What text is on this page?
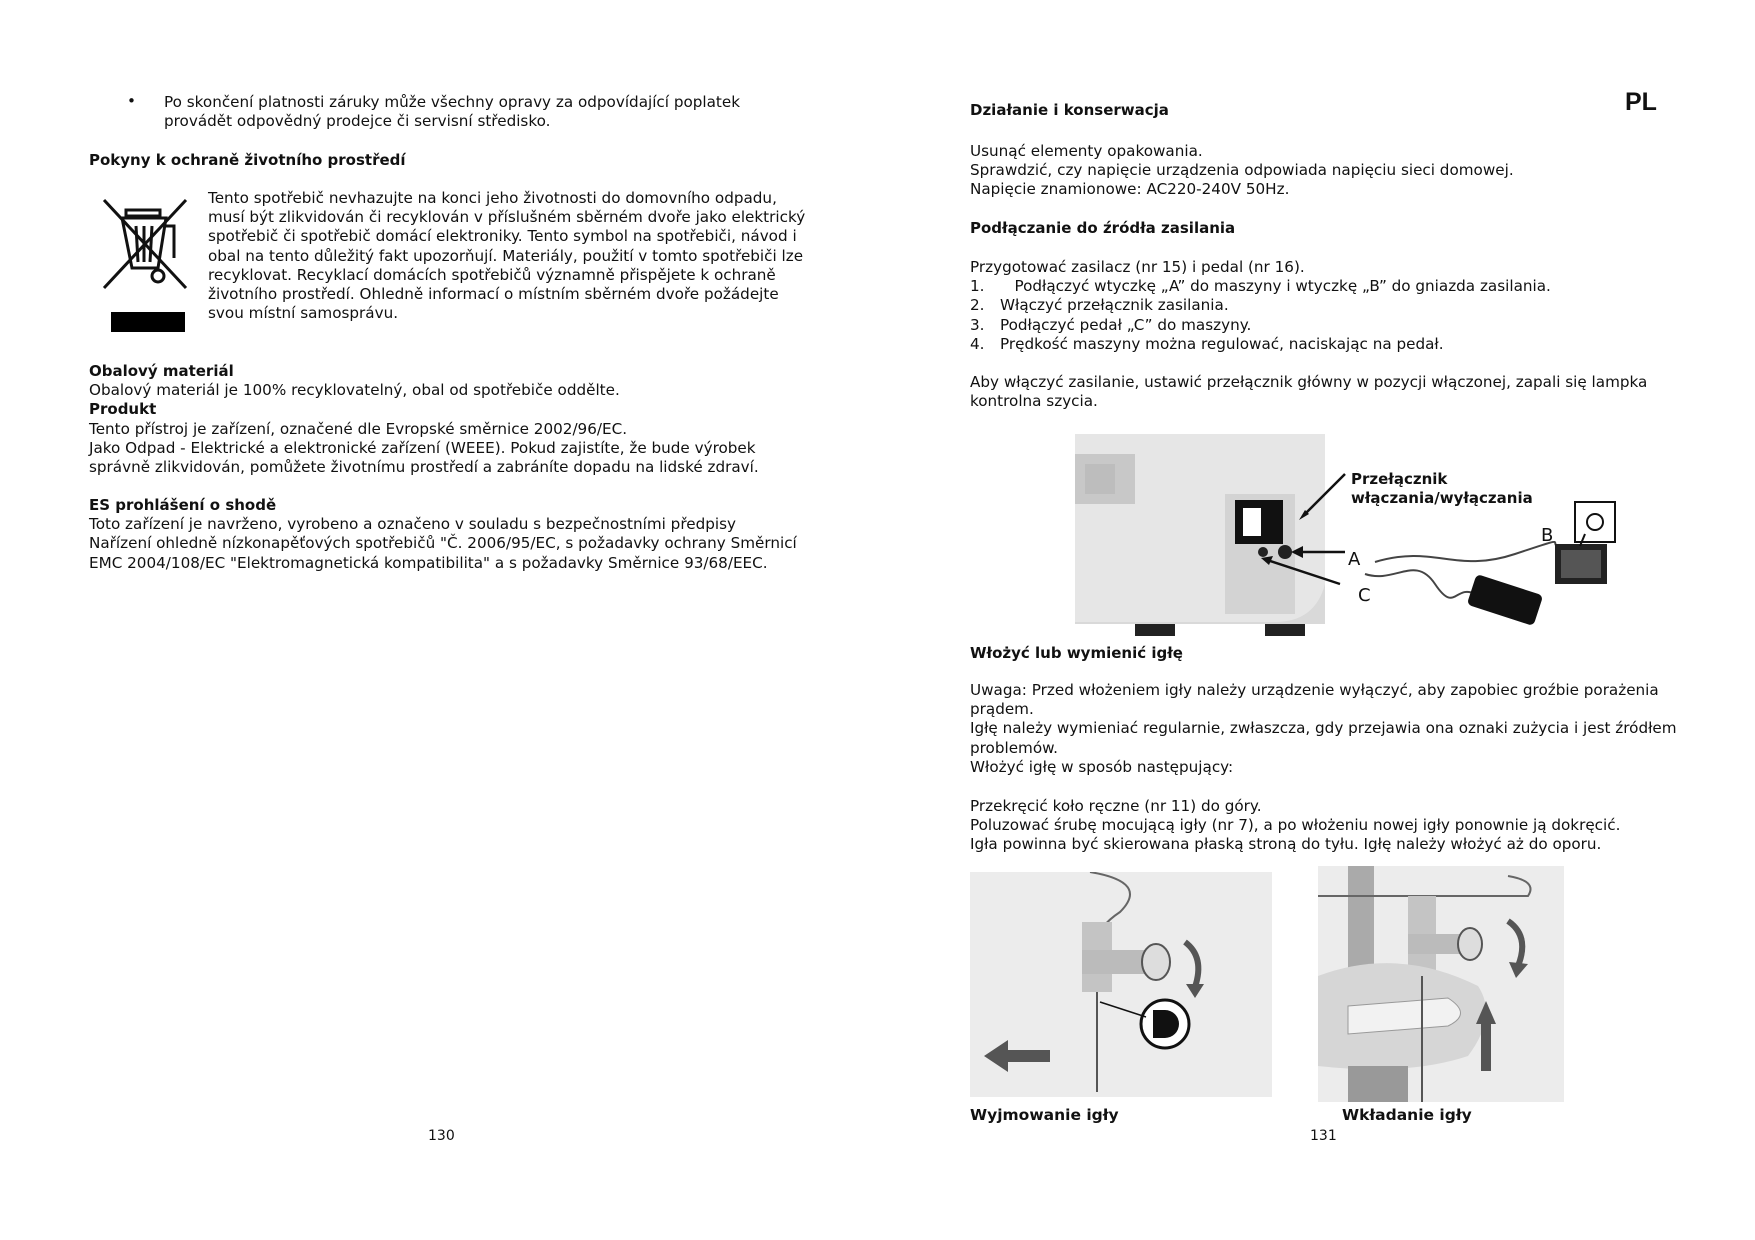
• Po skončení platnosti záruky může všechny opravy za odpovídající poplatek

provádět odpovědný prodejce či servisní středisko.

Pokyny k ochraně životního prostředí

Tento spotřebič nevhazujte na konci jeho životnosti do domovního odpadu,

musí být zlikvidován či recyklován v příslušném sběrném dvoře jako elektrický

spotřebič či spotřebič domácí elektroniky. Tento symbol na spotřebiči, návod i

obal na tento důležitý fakt upozorňují. Materiály, použití v tomto spotřebiči lze

recyklovat. Recyklací domácích spotřebičů významně přispějete k ochraně

životního prostředí. Ohledně informací o místním sběrném dvoře požádejte

svou místní samosprávu.

Obalový materiál

Obalový materiál je 100% recyklovatelný, obal od spotřebiče oddělte.

Produkt

Tento přístroj je zařízení, označené dle Evropské směrnice 2002/96/EC.

Jako Odpad - Elektrické a elektronické zařízení (WEEE). Pokud zajistíte, že bude výrobek

správně zlikvidován, pomůžete životnímu prostředí a zabráníte dopadu na lidské zdraví.

ES prohlášení o shodě

Toto zařízení je navrženo, vyrobeno a označeno v souladu s bezpečnostními předpisy

Nařízení ohledně nízkonapěťových spotřebičů "Č. 2006/95/EC, s požadavky ochrany Směrnicí

EMC 2004/108/EC "Elektromagnetická kompatibilita" a s požadavky Směrnice 93/68/EEC.

130

PL

Działanie i konserwacja

Usunąć elementy opakowania.

Sprawdzić, czy napięcie urządzenia odpowiada napięciu sieci domowej.

Napięcie znamionowe: AC220-240V 50Hz.

Podłączanie do źródła zasilania

Przygotować zasilacz (nr 15) i pedal (nr 16).

1.   Podłączyć wtyczkę „A” do maszyny i wtyczkę „B” do gniazda zasilania.

2. Włączyć przełącznik zasilania.

3. Podłączyć pedał „C” do maszyny.

4. Prędkość maszyny można regulować, naciskając na pedał.

Aby włączyć zasilanie, ustawić przełącznik główny w pozycji włączonej, zapali się lampka

kontrolna szycia.

Przełącznik włączania/wyłączania
B
A
C

Włożyć lub wymienić igłę

Uwaga: Przed włożeniem igły należy urządzenie wyłączyć, aby zapobiec groźbie porażenia

prądem.

Igłę należy wymieniać regularnie, zwłaszcza, gdy przejawia ona oznaki zużycia i jest źródłem

problemów.

Włożyć igłę w sposób następujący:

Przekręcić koło ręczne (nr 11) do góry.

Poluzować śrubę mocującą igły (nr 7), a po włożeniu nowej igły ponownie ją dokręcić.

Igła powinna być skierowana płaską stroną do tyłu. Igłę należy włożyć aż do oporu.

Wyjmowanie igły	Wkładanie igły

131
